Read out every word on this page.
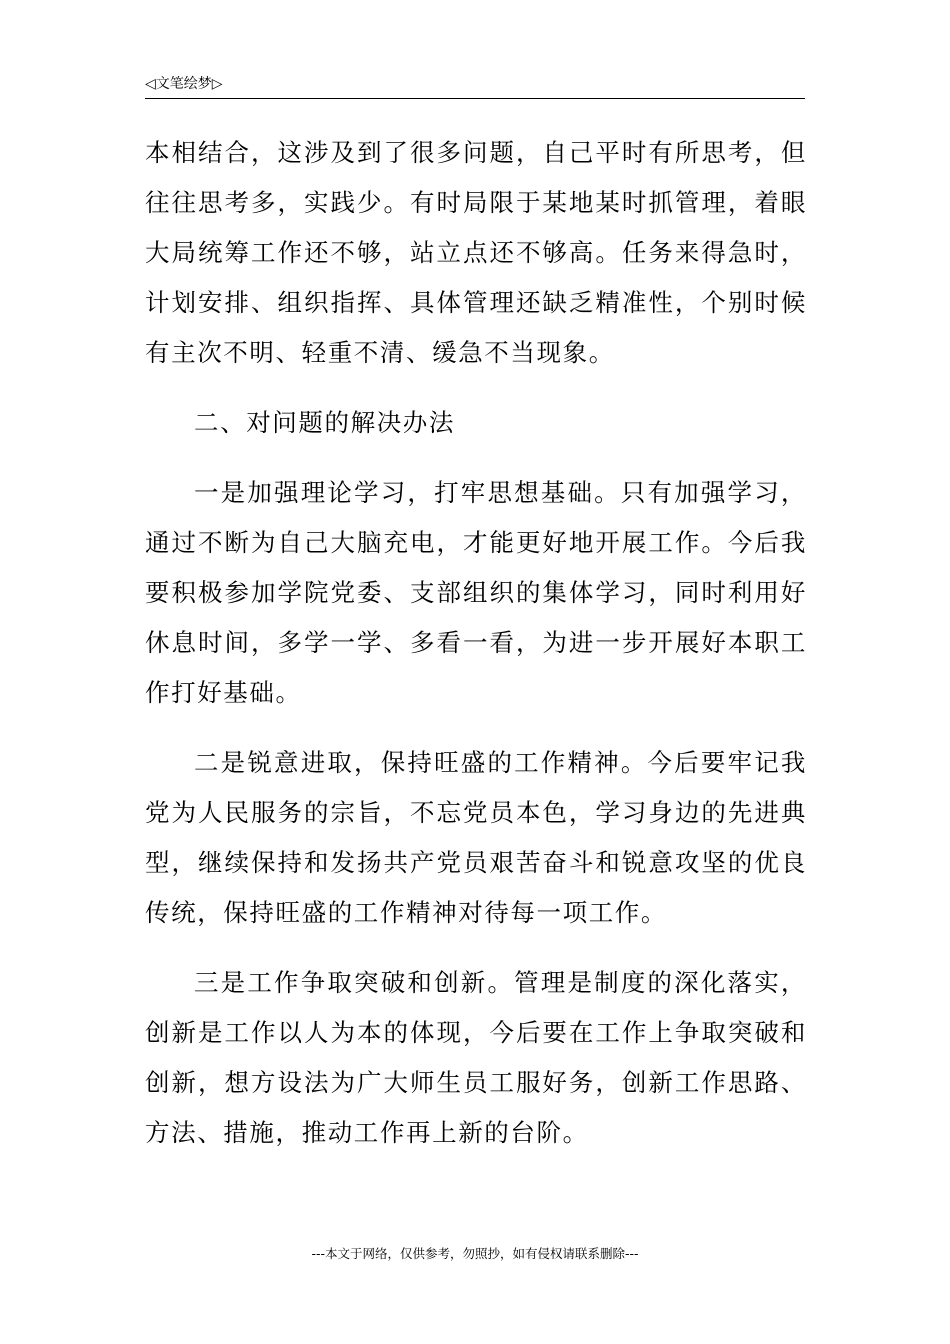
◁文笔绘梦▷

本相结合，这涉及到了很多问题，自己平时有所思考，但往往思考多，实践少。有时局限于某地某时抓管理，着眼大局统筹工作还不够，站立点还不够高。任务来得急时，计划安排、组织指挥、具体管理还缺乏精准性，个别时候有主次不明、轻重不清、缓急不当现象。

二、对问题的解决办法

一是加强理论学习，打牢思想基础。只有加强学习，通过不断为自己大脑充电，才能更好地开展工作。今后我要积极参加学院党委、支部组织的集体学习，同时利用好休息时间，多学一学、多看一看，为进一步开展好本职工作打好基础。

二是锐意进取，保持旺盛的工作精神。今后要牢记我党为人民服务的宗旨，不忘党员本色，学习身边的先进典型，继续保持和发扬共产党员艰苦奋斗和锐意攻坚的优良传统，保持旺盛的工作精神对待每一项工作。

三是工作争取突破和创新。管理是制度的深化落实，创新是工作以人为本的体现，今后要在工作上争取突破和创新，想方设法为广大师生员工服好务，创新工作思路、方法、措施，推动工作再上新的台阶。

---本文于网络，仅供参考，勿照抄，如有侵权请联系删除---
